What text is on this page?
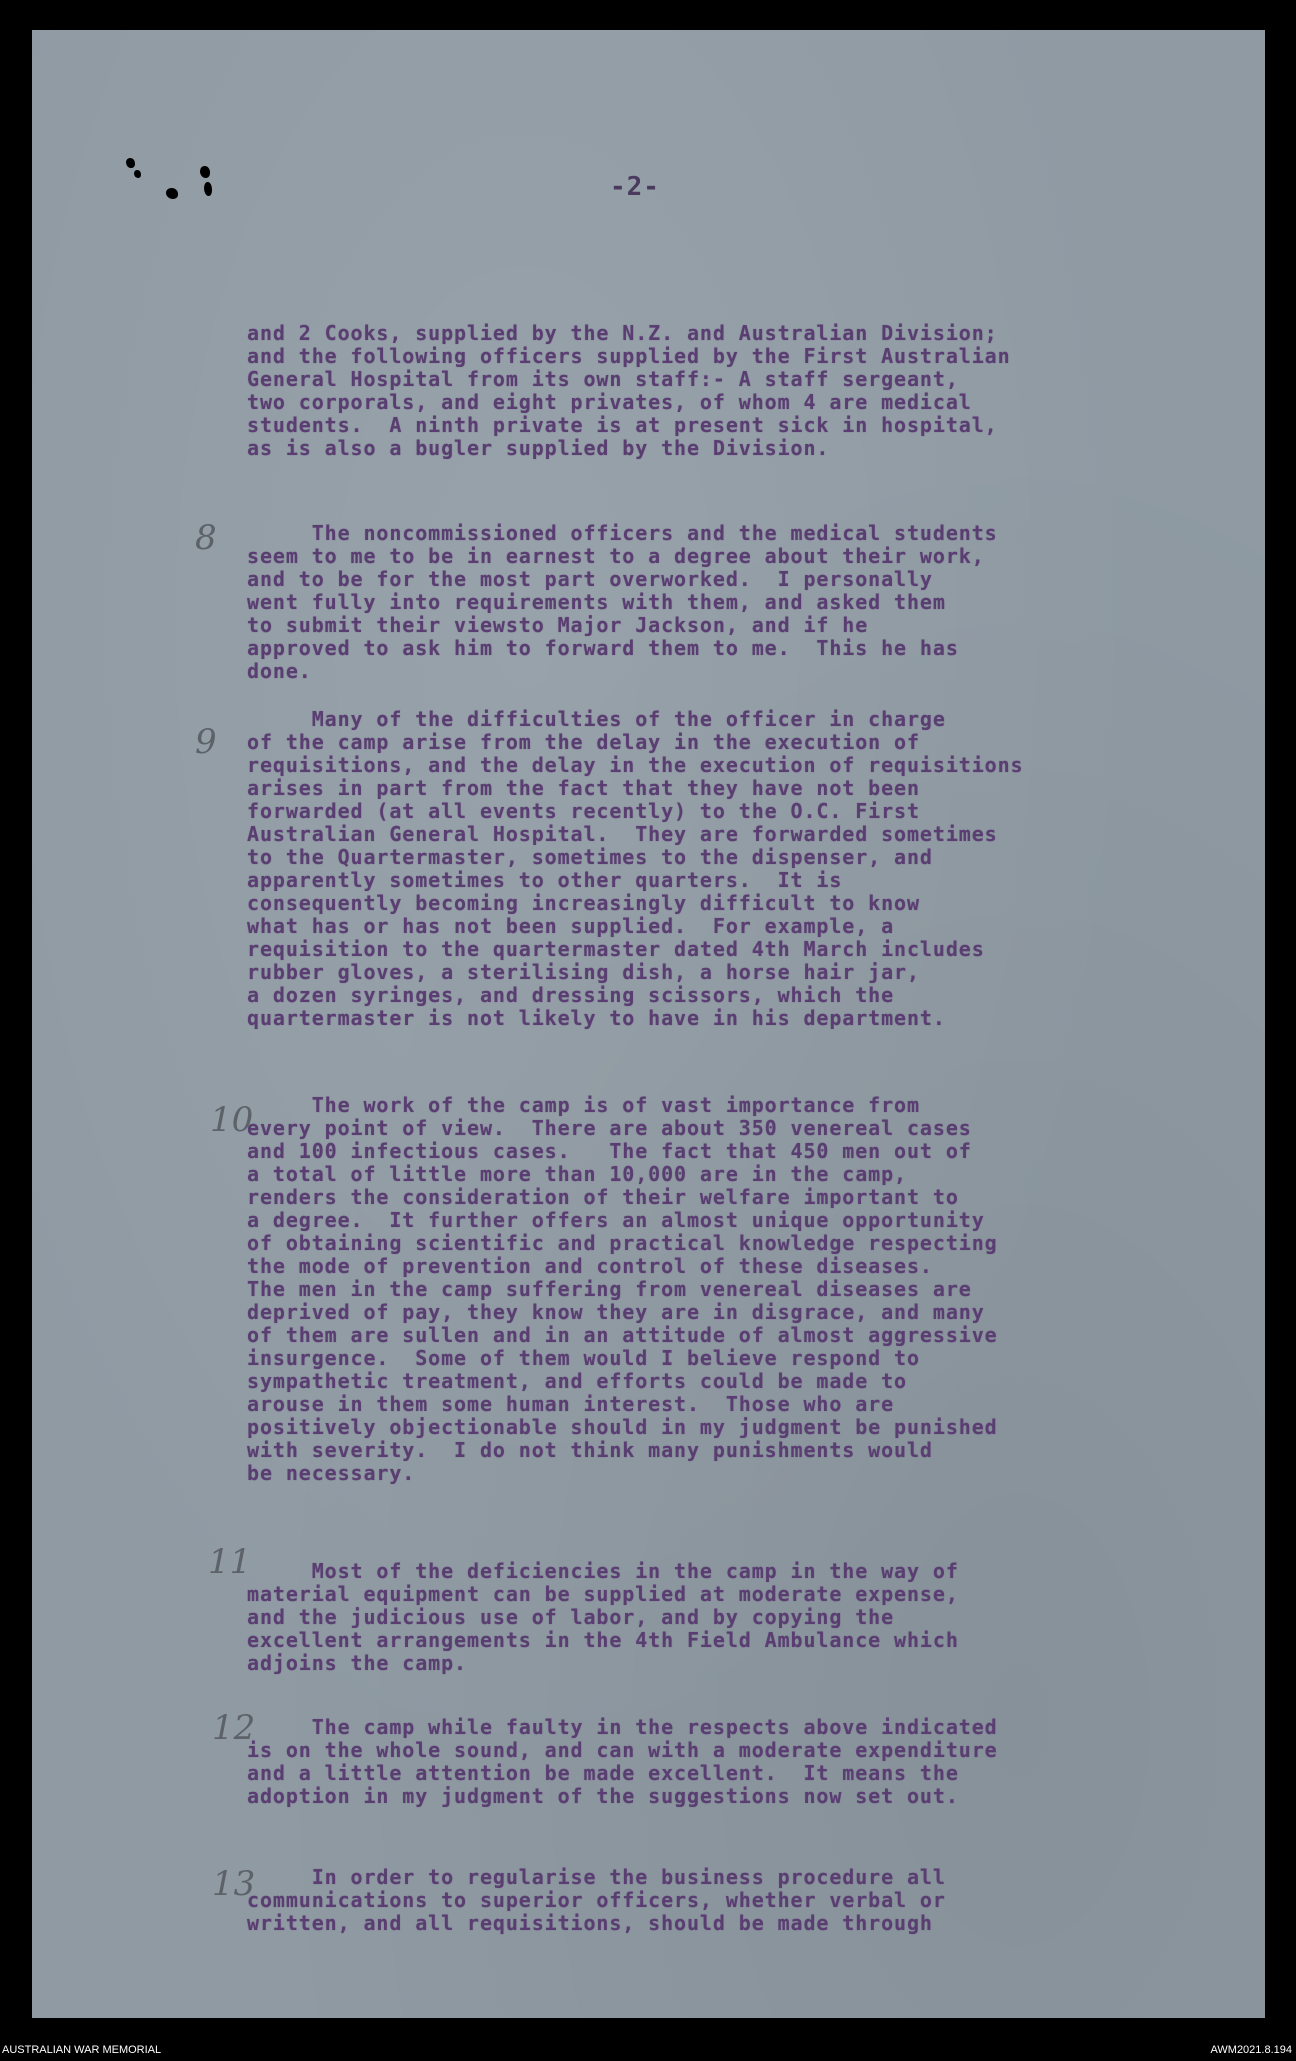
-2-
and 2 Cooks, supplied by the N.Z. and Australian Division;
and the following officers supplied by the First Australian
General Hospital from its own staff:- A staff sergeant,
two corporals, and eight privates, of whom 4 are medical
students.  A ninth private is at present sick in hospital,
as is also a bugler supplied by the Division.
8	The noncommissioned officers and the medical students
seem to me to be in earnest to a degree about their work,
and to be for the most part overworked.  I personally
went fully into requirements with them, and asked them
to submit their viewsto Major Jackson, and if he
approved to ask him to forward them to me.  This he has
done.
9
Many of the difficulties of the officer in charge
of the camp arise from the delay in the execution of
requisitions, and the delay in the execution of requisitions
arises in part from the fact that they have not been
forwarded (at all events recently) to the O.C. First
Australian General Hospital.  They are forwarded sometimes
to the Quartermaster, sometimes to the dispenser, and
apparently sometimes to other quarters.  It is
consequently becoming increasingly difficult to know
what has or has not been supplied.  For example, a
requisition to the quartermaster dated 4th March includes
rubber gloves, a sterilising dish, a horse hair jar,
a dozen syringes, and dressing scissors, which the
quartermaster is not likely to have in his department.
10	The work of the camp is of vast importance from
every point of view.  There are about 350 venereal cases
and 100 infectious cases.   The fact that 450 men out of
a total of little more than 10,000 are in the camp,
renders the consideration of their welfare important to
a degree.  It further offers an almost unique opportunity
of obtaining scientific and practical knowledge respecting
the mode of prevention and control of these diseases.
The men in the camp suffering from venereal diseases are
deprived of pay, they know they are in disgrace, and many
of them are sullen and in an attitude of almost aggressive
insurgence.  Some of them would I believe respond to
sympathetic treatment, and efforts could be made to
arouse in them some human interest.  Those who are
positively objectionable should in my judgment be punished
with severity.  I do not think many punishments would
be necessary.
11	Most of the deficiencies in the camp in the way of
material equipment can be supplied at moderate expense,
and the judicious use of labor, and by copying the
excellent arrangements in the 4th Field Ambulance which
adjoins the camp.
12	The camp while faulty in the respects above indicated
is on the whole sound, and can with a moderate expenditure
and a little attention be made excellent.  It means the
adoption in my judgment of the suggestions now set out.
13	In order to regularise the business procedure all
communications to superior officers, whether verbal or
written, and all requisitions, should be made through
AUSTRALIAN WAR MEMORIAL	AWM2021.8.194
